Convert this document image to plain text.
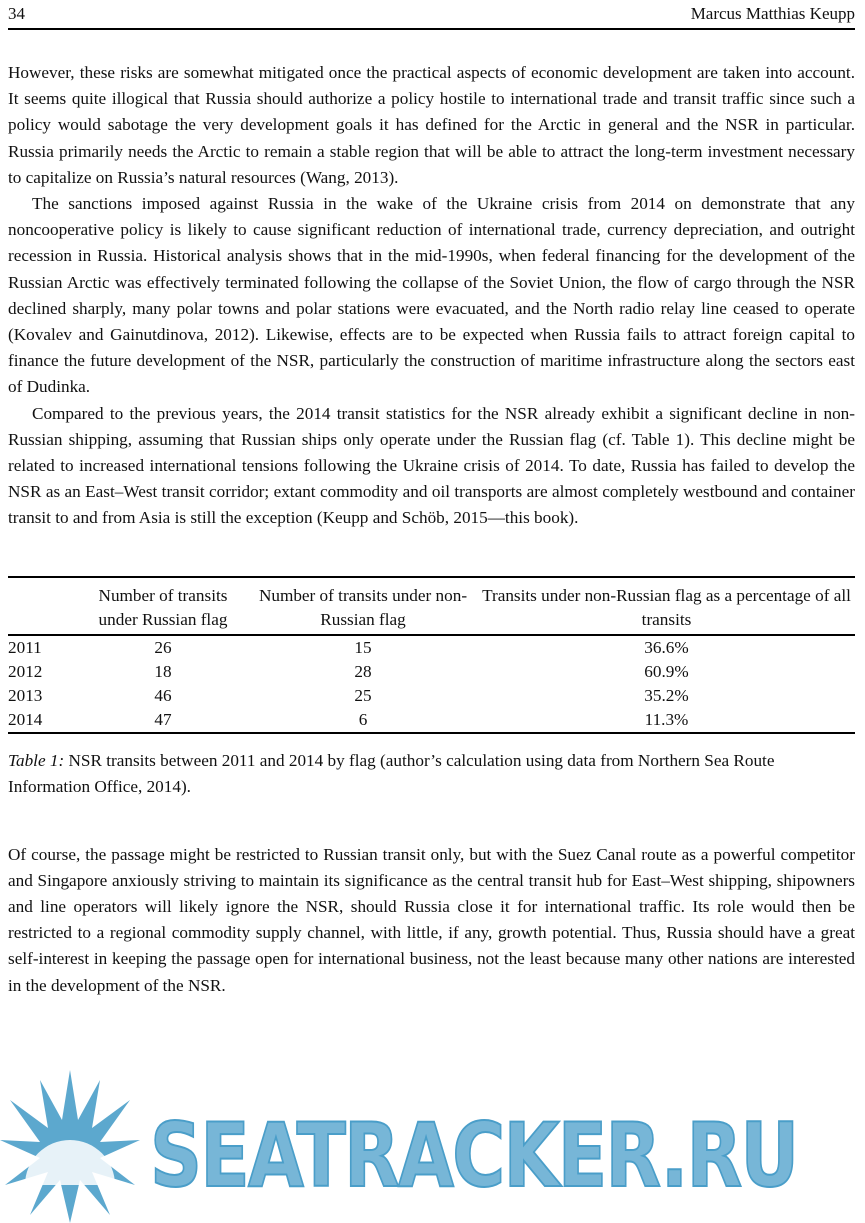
34	Marcus Matthias Keupp

However, these risks are somewhat mitigated once the practical aspects of economic development are taken into account. It seems quite illogical that Russia should authorize a policy hostile to international trade and transit traffic since such a policy would sabotage the very development goals it has defined for the Arctic in general and the NSR in particular. Russia primarily needs the Arctic to remain a stable region that will be able to attract the long-term investment necessary to capitalize on Russia’s natural resources (Wang, 2013).

The sanctions imposed against Russia in the wake of the Ukraine crisis from 2014 on demonstrate that any noncooperative policy is likely to cause significant reduction of international trade, currency depreciation, and outright recession in Russia. Historical analysis shows that in the mid-1990s, when federal financing for the development of the Russian Arctic was effectively terminated following the collapse of the Soviet Union, the flow of cargo through the NSR declined sharply, many polar towns and polar stations were evacuated, and the North radio relay line ceased to operate (Kovalev and Gainutdinova, 2012). Likewise, effects are to be expected when Russia fails to attract foreign capital to finance the future development of the NSR, particularly the construction of maritime infrastructure along the sectors east of Dudinka.

Compared to the previous years, the 2014 transit statistics for the NSR already exhibit a significant decline in non-Russian shipping, assuming that Russian ships only operate under the Russian flag (cf. Table 1). This decline might be related to increased international tensions following the Ukraine crisis of 2014. To date, Russia has failed to develop the NSR as an East–West transit corridor; extant commodity and oil transports are almost completely westbound and container transit to and from Asia is still the exception (Keupp and Schöb, 2015—this book).

	Number of transits under Russian flag	Number of transits under non-Russian flag	Transits under non-Russian flag as a percentage of all transits
2011	26	15	36.6%
2012	18	28	60.9%
2013	46	25	35.2%
2014	47	6	11.3%

Table 1: NSR transits between 2011 and 2014 by flag (author’s calculation using data from Northern Sea Route Information Office, 2014).

Of course, the passage might be restricted to Russian transit only, but with the Suez Canal route as a powerful competitor and Singapore anxiously striving to maintain its significance as the central transit hub for East–West shipping, shipowners and line operators will likely ignore the NSR, should Russia close it for international traffic. Its role would then be restricted to a regional commodity supply channel, with little, if any, growth potential. Thus, Russia should have a great self-interest in keeping the passage open for international business, not the least because many other nations are interested in the development of the NSR.

SEATRACKER.RU
